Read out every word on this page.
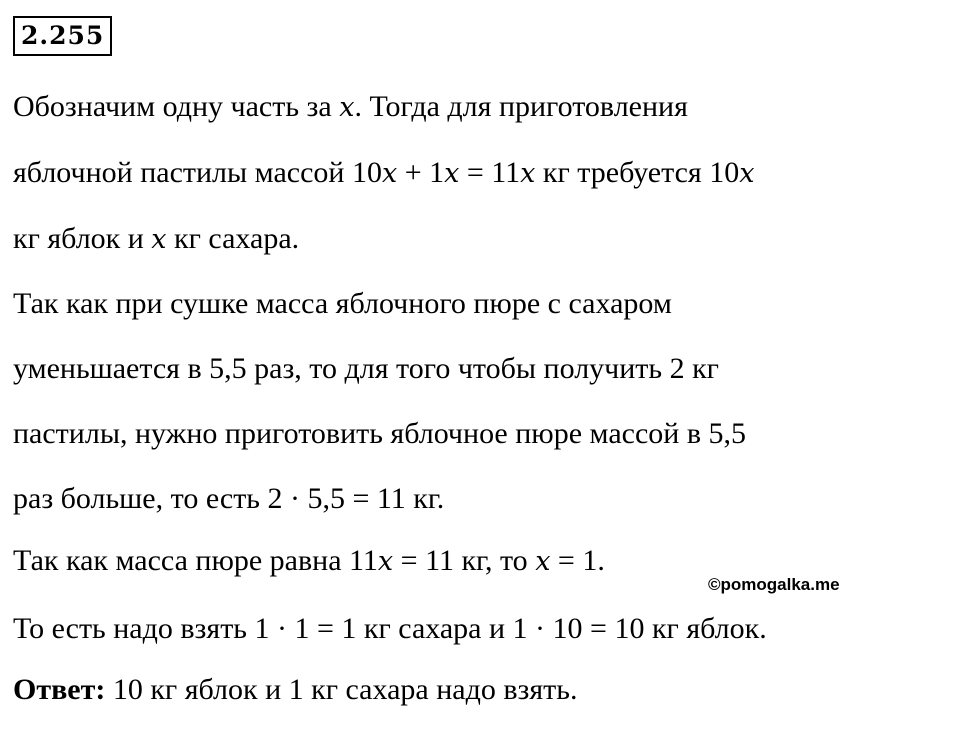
2.255
Обозначим одну часть за x. Тогда для приготовления
яблочной пастилы массой 10x + 1x = 11x кг требуется 10x
кг яблок и x кг сахара.
Так как при сушке масса яблочного пюре с сахаром
уменьшается в 5,5 раз, то для того чтобы получить 2 кг
пастилы, нужно приготовить яблочное пюре массой в 5,5
раз больше, то есть 2 · 5,5 = 11 кг.
Так как масса пюре равна 11x = 11 кг, то x = 1.
©pomogalka.me
То есть надо взять 1 · 1 = 1 кг сахара и 1 · 10 = 10 кг яблок.
Ответ: 10 кг яблок и 1 кг сахара надо взять.
